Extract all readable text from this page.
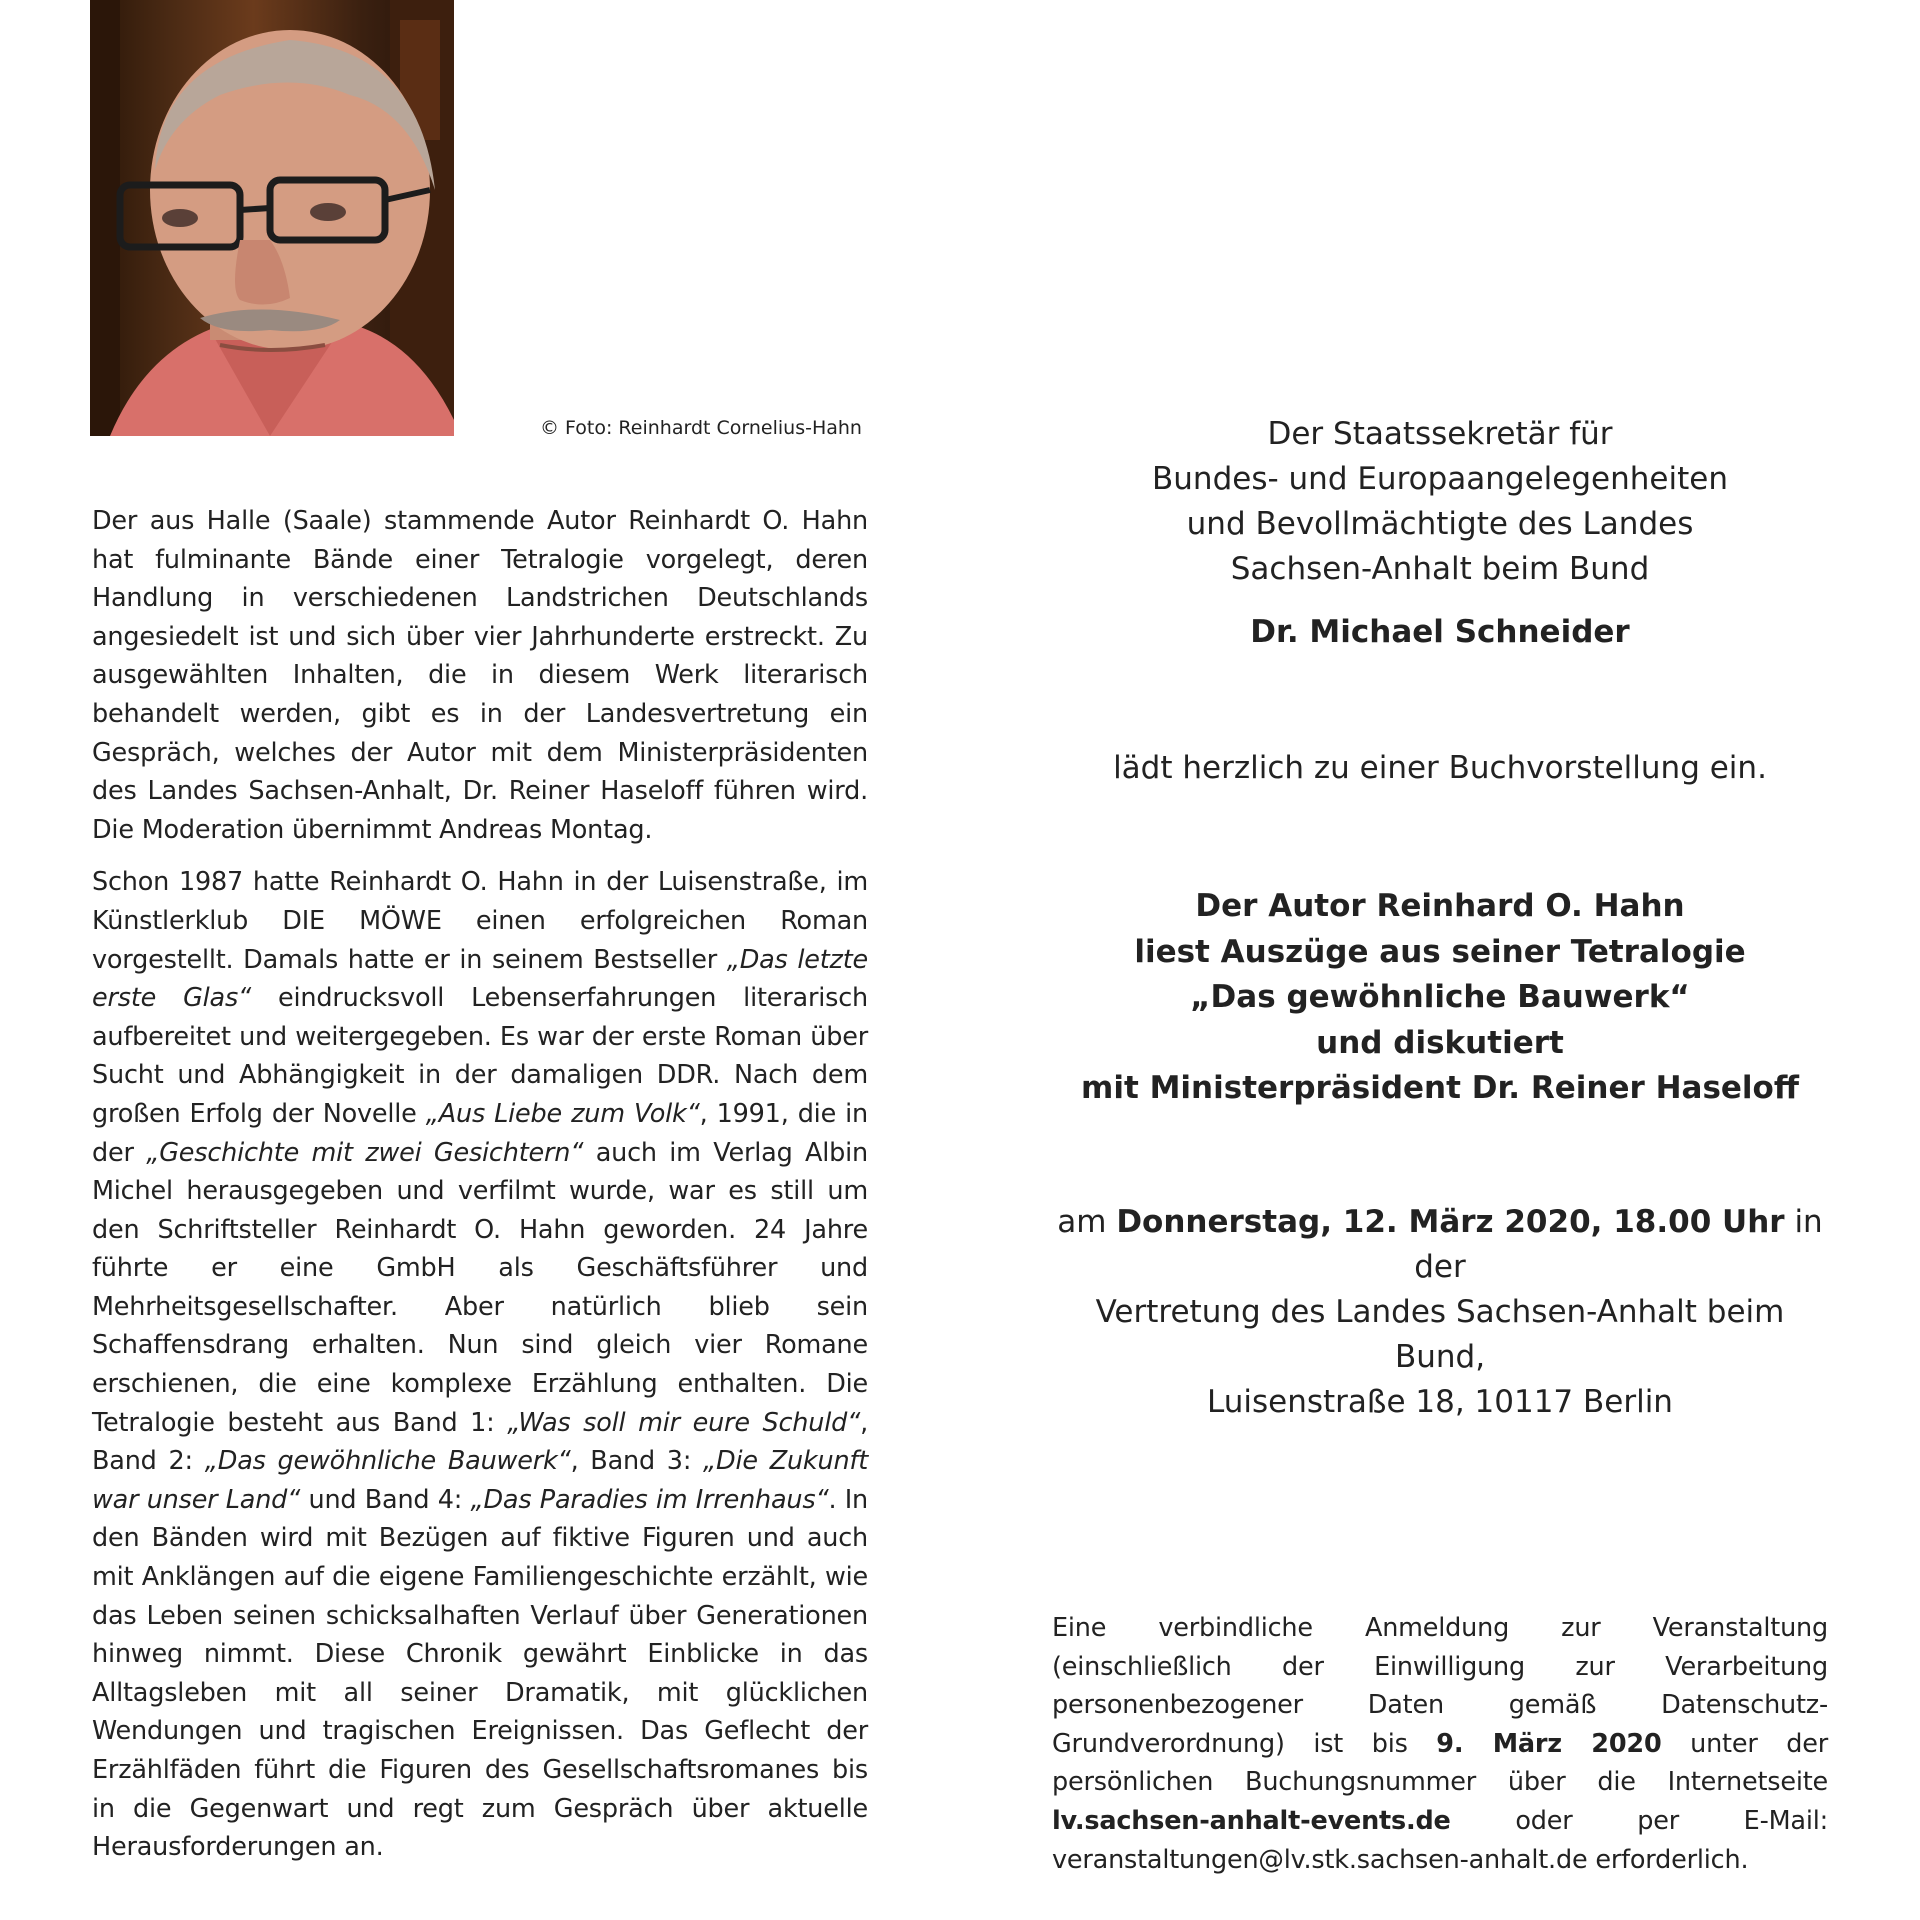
© Foto: Reinhardt Cornelius-Hahn

Der aus Halle (Saale) stammende Autor Reinhardt O. Hahn hat fulminante Bände einer Tetralogie vorgelegt, deren Handlung in verschiedenen Landstrichen Deutschlands angesiedelt ist und sich über vier Jahrhunderte erstreckt. Zu ausgewählten Inhalten, die in diesem Werk literarisch behandelt werden, gibt es in der Landesvertretung ein Gespräch, welches der Autor mit dem Ministerpräsidenten des Landes Sachsen-Anhalt, Dr. Reiner Haseloff führen wird. Die Moderation übernimmt Andreas Montag.

Schon 1987 hatte Reinhardt O. Hahn in der Luisenstraße, im Künstlerklub DIE MÖWE einen erfolgreichen Roman vorgestellt. Damals hatte er in seinem Bestseller „Das letzte erste Glas“ eindrucksvoll Lebenserfahrungen literarisch aufbereitet und weitergegeben. Es war der erste Roman über Sucht und Abhängigkeit in der damaligen DDR. Nach dem großen Erfolg der Novelle „Aus Liebe zum Volk“, 1991, die in der „Geschichte mit zwei Gesichtern“ auch im Verlag Albin Michel herausgegeben und verfilmt wurde, war es still um den Schriftsteller Reinhardt O. Hahn geworden. 24 Jahre führte er eine GmbH als Geschäftsführer und Mehrheitsgesellschafter. Aber natürlich blieb sein Schaffensdrang erhalten. Nun sind gleich vier Romane erschienen, die eine komplexe Erzählung enthalten. Die Tetralogie besteht aus Band 1: „Was soll mir eure Schuld“, Band 2: „Das gewöhnliche Bauwerk“, Band 3: „Die Zukunft war unser Land“ und Band 4: „Das Paradies im Irrenhaus“. In den Bänden wird mit Bezügen auf fiktive Figuren und auch mit Anklängen auf die eigene Familiengeschichte erzählt, wie das Leben seinen schicksalhaften Verlauf über Generationen hinweg nimmt. Diese Chronik gewährt Einblicke in das Alltagsleben mit all seiner Dramatik, mit glücklichen Wendungen und tragischen Ereignissen. Das Geflecht der Erzählfäden führt die Figuren des Gesellschaftsromanes bis in die Gegenwart und regt zum Gespräch über aktuelle Herausforderungen an.

Der Staatssekretär für
Bundes- und Europaangelegenheiten
und Bevollmächtigte des Landes
Sachsen-Anhalt beim Bund
Dr. Michael Schneider
lädt herzlich zu einer Buchvorstellung ein.
Der Autor Reinhard O. Hahn
liest Auszüge aus seiner Tetralogie
„Das gewöhnliche Bauwerk“
und diskutiert
mit Ministerpräsident Dr. Reiner Haseloff
am Donnerstag, 12. März 2020, 18.00 Uhr in der
Vertretung des Landes Sachsen-Anhalt beim Bund,
Luisenstraße 18, 10117 Berlin
Eine verbindliche Anmeldung zur Veranstaltung (einschließlich der Einwilligung zur Verarbeitung personenbezogener Daten gemäß Datenschutz-Grundverordnung) ist bis 9. März 2020 unter der persönlichen Buchungsnummer über die Internetseite lv.sachsen-anhalt-events.de oder per E-Mail: veranstaltungen@lv.stk.sachsen-anhalt.de erforderlich.
